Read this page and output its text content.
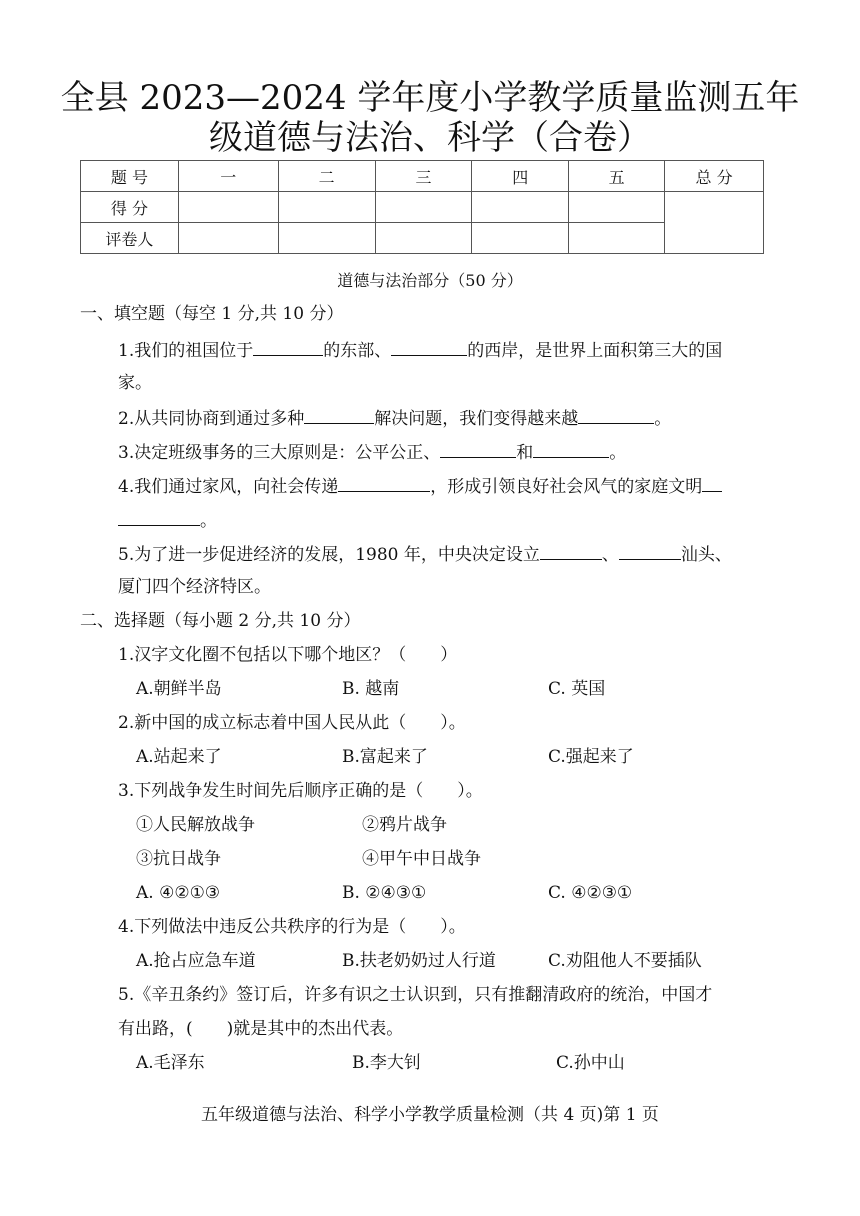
全县 2023—2024 学年度小学教学质量监测五年
级道德与法治、科学（合卷）
题 号	一	二	三	四	五	总 分
得 分						
评卷人						
道德与法治部分（50 分）
一、填空题（每空 1 分,共 10 分）
1.我们的祖国位于	的东部、	的西岸，是世界上面积第三大的国
家。
2.从共同协商到通过多种	解决问题，我们变得越来越	。
3.决定班级事务的三大原则是：公平公正、	和	。
4.我们通过家风，向社会传递	，形成引领良好社会风气的家庭文明
。
5.为了进一步促进经济的发展，1980 年，中央决定设立	、	汕头、
厦门四个经济特区。
二、选择题（每小题 2 分,共 10 分）
1.汉字文化圈不包括以下哪个地区？（　　）
A.朝鲜半岛	B. 越南	C. 英国
2.新中国的成立标志着中国人民从此（　　）。
A.站起来了	B.富起来了	C.强起来了
3.下列战争发生时间先后顺序正确的是（　　）。
①人民解放战争	②鸦片战争
③抗日战争	④甲午中日战争
A. ④②①③	B. ②④③①	C. ④②③①
4.下列做法中违反公共秩序的行为是（　　）。
A.抢占应急车道	B.扶老奶奶过人行道	C.劝阻他人不要插队
5.《辛丑条约》签订后，许多有识之士认识到，只有推翻清政府的统治，中国才
有出路，(　　)就是其中的杰出代表。
A.毛泽东	B.李大钊	C.孙中山
五年级道德与法治、科学小学教学质量检测（共 4 页)第 1 页
